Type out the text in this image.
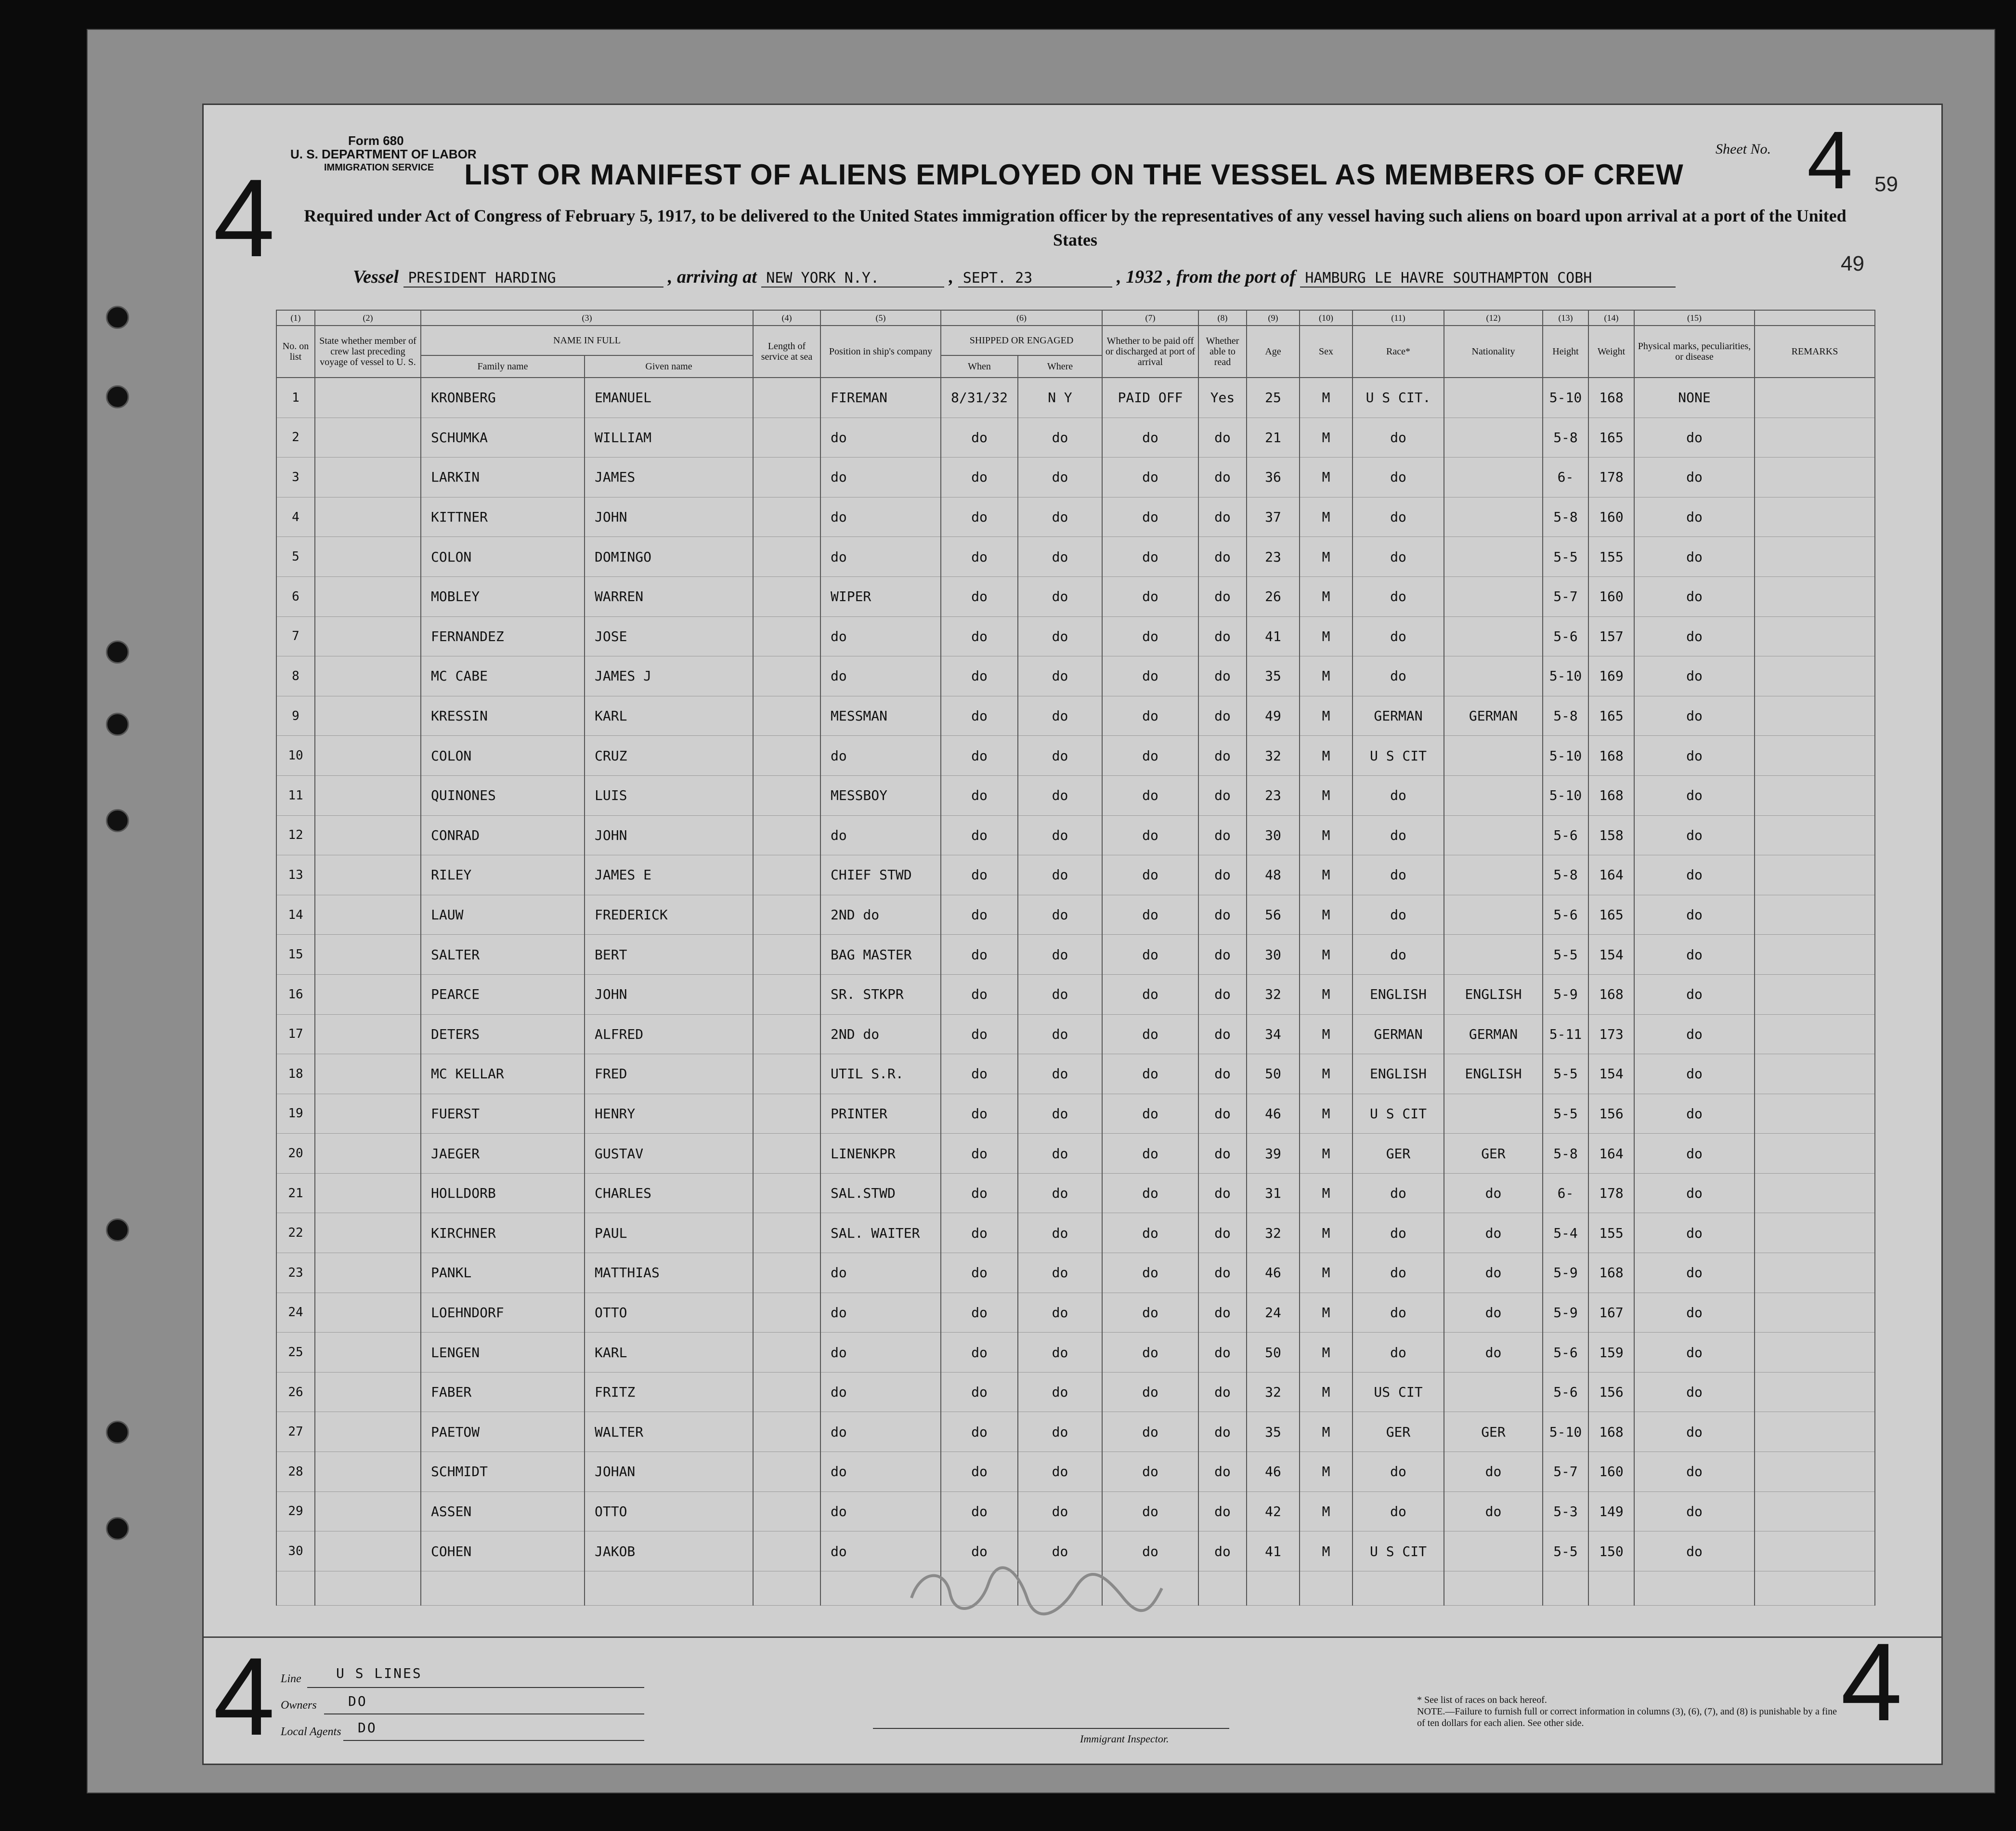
4
Form 680
U. S. DEPARTMENT OF LABOR
IMMIGRATION SERVICE
Sheet No. 4
LIST OR MANIFEST OF ALIENS EMPLOYED ON THE VESSEL AS MEMBERS OF CREW
Required under Act of Congress of February 5, 1917, to be delivered to the United States immigration officer by the representatives of any vessel having such aliens on board upon arrival at a port of the United States
59
49
Vessel PRESIDENT HARDING	, arriving at NEW YORK N.Y.	, SEPT. 23	, 1932 , from the port of HAMBURG LE HAVRE SOUTHAMPTON COBH
(1)	(2)	(3)		(4)	(5)	(6)		(7)	(8)	(9)	(10)	(11)	(12)	(13)	(14)	(15)	
No. on list	State whether member of crew last preceding voyage of vessel to U. S.	NAME IN FULL		Length of service at sea	Position in ship's company	SHIPPED OR ENGAGED		Whether to be paid off or discharged at port of arrival	Whether able to read	Age	Sex	Race*	Nationality	Height	Weight	Physical marks, peculiarities, or disease	REMARKS
		Family name	Given name			When	Where										
1		KRONBERG	EMANUEL		FIREMAN	8/31/32	N Y	PAID OFF	Yes	25	M	U S CIT.		5-10	168	NONE	
2		SCHUMKA	WILLIAM		do	do	do	do	do	21	M	do		5-8	165	do	
3		LARKIN	JAMES		do	do	do	do	do	36	M	do		6-	178	do	
4		KITTNER	JOHN		do	do	do	do	do	37	M	do		5-8	160	do	
5		COLON	DOMINGO		do	do	do	do	do	23	M	do		5-5	155	do	
6		MOBLEY	WARREN		WIPER	do	do	do	do	26	M	do		5-7	160	do	
7		FERNANDEZ	JOSE		do	do	do	do	do	41	M	do		5-6	157	do	
8		MC CABE	JAMES J		do	do	do	do	do	35	M	do		5-10	169	do	
9		KRESSIN	KARL		MESSMAN	do	do	do	do	49	M	GERMAN	GERMAN	5-8	165	do	
10		COLON	CRUZ		do	do	do	do	do	32	M	U S CIT		5-10	168	do	
11		QUINONES	LUIS		MESSBOY	do	do	do	do	23	M	do		5-10	168	do	
12		CONRAD	JOHN		do	do	do	do	do	30	M	do		5-6	158	do	
13		RILEY	JAMES E		CHIEF STWD	do	do	do	do	48	M	do		5-8	164	do	
14		LAUW	FREDERICK		2ND do	do	do	do	do	56	M	do		5-6	165	do	
15		SALTER	BERT		BAG MASTER	do	do	do	do	30	M	do		5-5	154	do	
16		PEARCE	JOHN		SR. STKPR	do	do	do	do	32	M	ENGLISH	ENGLISH	5-9	168	do	
17		DETERS	ALFRED		2ND do	do	do	do	do	34	M	GERMAN	GERMAN	5-11	173	do	
18		MC KELLAR	FRED		UTIL S.R.	do	do	do	do	50	M	ENGLISH	ENGLISH	5-5	154	do	
19		FUERST	HENRY		PRINTER	do	do	do	do	46	M	U S CIT		5-5	156	do	
20		JAEGER	GUSTAV		LINENKPR	do	do	do	do	39	M	GER	GER	5-8	164	do	
21		HOLLDORB	CHARLES		SAL.STWD	do	do	do	do	31	M	do	do	6-	178	do	
22		KIRCHNER	PAUL		SAL. WAITER	do	do	do	do	32	M	do	do	5-4	155	do	
23		PANKL	MATTHIAS		do	do	do	do	do	46	M	do	do	5-9	168	do	
24		LOEHNDORF	OTTO		do	do	do	do	do	24	M	do	do	5-9	167	do	
25		LENGEN	KARL		do	do	do	do	do	50	M	do	do	5-6	159	do	
26		FABER	FRITZ		do	do	do	do	do	32	M	US CIT		5-6	156	do	
27		PAETOW	WALTER		do	do	do	do	do	35	M	GER	GER	5-10	168	do	
28		SCHMIDT	JOHAN		do	do	do	do	do	46	M	do	do	5-7	160	do	
29		ASSEN	OTTO		do	do	do	do	do	42	M	do	do	5-3	149	do	
30		COHEN	JAKOB		do	do	do	do	do	41	M	U S CIT		5-5	150	do	

4	4
Line	U S LINES
Owners DO
Local Agents DO
Immigrant Inspector.
* See list of races on back hereof.
NOTE.—Failure to furnish full or correct information in columns (3), (6), (7), and (8) is punishable by a fine of ten dollars for each alien. See other side.
